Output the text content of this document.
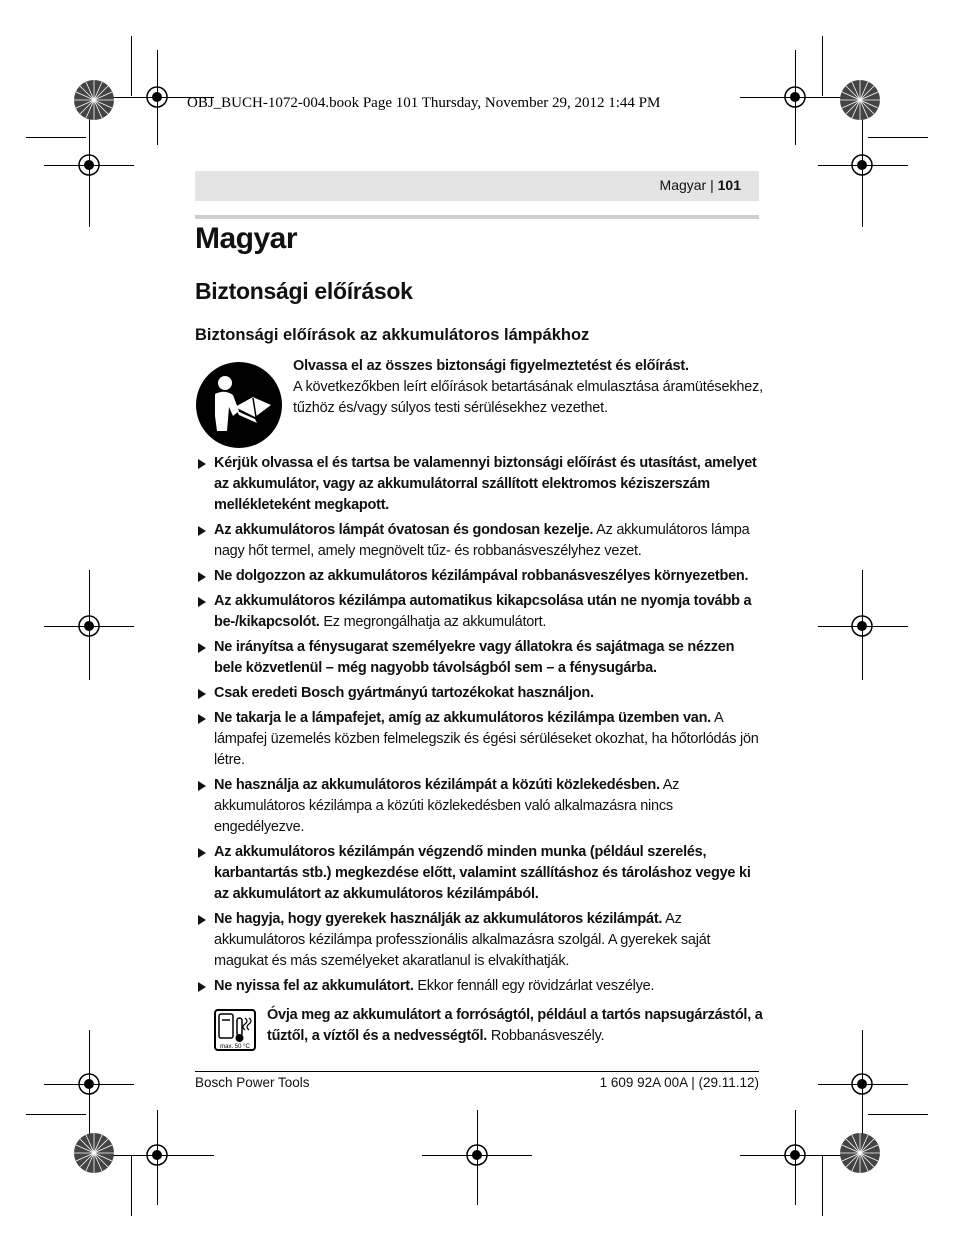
OBJ_BUCH-1072-004.book Page 101 Thursday, November 29, 2012 1:44 PM
Magyar | 101
Magyar
Biztonsági előírások
Biztonsági előírások az akkumulátoros lámpákhoz
Olvassa el az összes biztonsági figyelmeztetést és előírást.
A következőkben leírt előírások betartásának elmulasztása áramütésekhez, tűzhöz és/vagy súlyos testi sérülésekhez vezethet.
Kérjük olvassa el és tartsa be valamennyi biztonsági előírást és utasítást, amelyet az akkumulátor, vagy az akkumulátorral szállított elektromos kéziszerszám mellékleteként megkapott.
Az akkumulátoros lámpát óvatosan és gondosan kezelje. Az akkumulátoros lámpa nagy hőt termel, amely megnövelt tűz- és robbanásveszélyhez vezet.
Ne dolgozzon az akkumulátoros kézilámpával robbanásveszélyes környezetben.
Az akkumulátoros kézilámpa automatikus kikapcsolása után ne nyomja tovább a be-/kikapcsolót. Ez megrongálhatja az akkumulátort.
Ne irányítsa a fénysugarat személyekre vagy állatokra és sajátmaga se nézzen bele közvetlenül – még nagyobb távolságból sem – a fénysugárba.
Csak eredeti Bosch gyártmányú tartozékokat használjon.
Ne takarja le a lámpafejet, amíg az akkumulátoros kézilámpa üzemben van. A lámpafej üzemelés közben felmelegszik és égési sérüléseket okozhat, ha hőtorlódás jön létre.
Ne használja az akkumulátoros kézilámpát a közúti közlekedésben. Az akkumulátoros kézilámpa a közúti közlekedésben való alkalmazásra nincs engedélyezve.
Az akkumulátoros kézilámpán végzendő minden munka (például szerelés, karbantartás stb.) megkezdése előtt, valamint szállításhoz és tároláshoz vegye ki az akkumulátort az akkumulátoros kézilámpából.
Ne hagyja, hogy gyerekek használják az akkumulátoros kézilámpát. Az akkumulátoros kézilámpa professzionális alkalmazásra szolgál. A gyerekek saját magukat és más személyeket akaratlanul is elvakíthatják.
Ne nyissa fel az akkumulátort. Ekkor fennáll egy rövidzárlat veszélye.
max. 50 °C
Óvja meg az akkumulátort a forróságtól, például a tartós napsugárzástól, a tűztől, a víztől és a nedvességtől. Robbanásveszély.
Bosch Power Tools	1 609 92A 00A | (29.11.12)
